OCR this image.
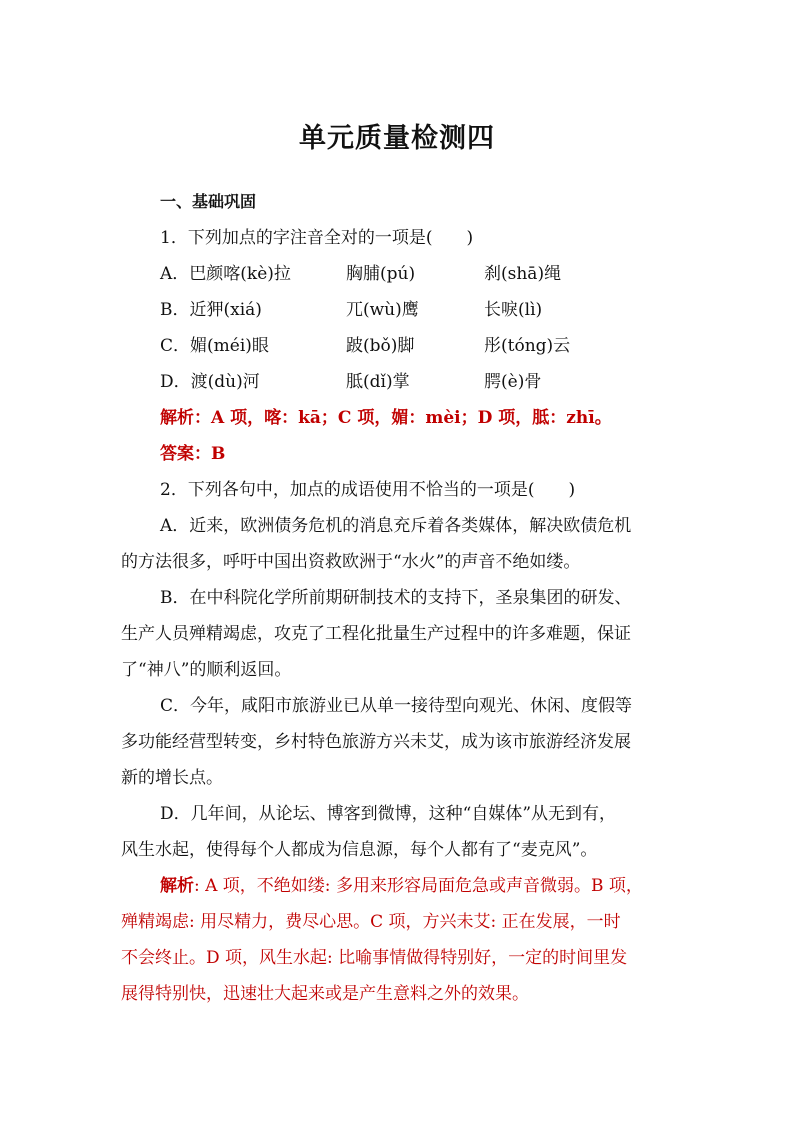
单元质量检测四
一、基础巩固
1．下列加点的字注音全对的一项是(　　)
A．巴颜喀(kè)拉	胸脯(pú)	刹(shā)绳
B．近狎(xiá)	兀(wù)鹰	长唳(lì)
C．媚(méi)眼	跛(bǒ)脚	彤(tóng)云
D．渡(dù)河	胝(dǐ)掌	腭(è)骨
解析：A 项，喀：kā；C 项，媚：mèi；D 项，胝：zhī。
答案：B
2．下列各句中，加点的成语使用不恰当的一项是(　　)
A．近来，欧洲债务危机的消息充斥着各类媒体，解决欧债危机
的方法很多，呼吁中国出资救欧洲于“水火”的声音不绝如缕。
B．在中科院化学所前期研制技术的支持下，圣泉集团的研发、
生产人员殚精竭虑，攻克了工程化批量生产过程中的许多难题，保证
了“神八”的顺利返回。
C．今年，咸阳市旅游业已从单一接待型向观光、休闲、度假等
多功能经营型转变，乡村特色旅游方兴未艾，成为该市旅游经济发展
新的增长点。
D．几年间，从论坛、博客到微博，这种“自媒体”从无到有，
风生水起，使得每个人都成为信息源，每个人都有了“麦克风”。
解析: A 项，不绝如缕: 多用来形容局面危急或声音微弱。B 项，
殚精竭虑: 用尽精力，费尽心思。C 项，方兴未艾: 正在发展，一时
不会终止。D 项，风生水起: 比喻事情做得特别好，一定的时间里发
展得特别快，迅速壮大起来或是产生意料之外的效果。
